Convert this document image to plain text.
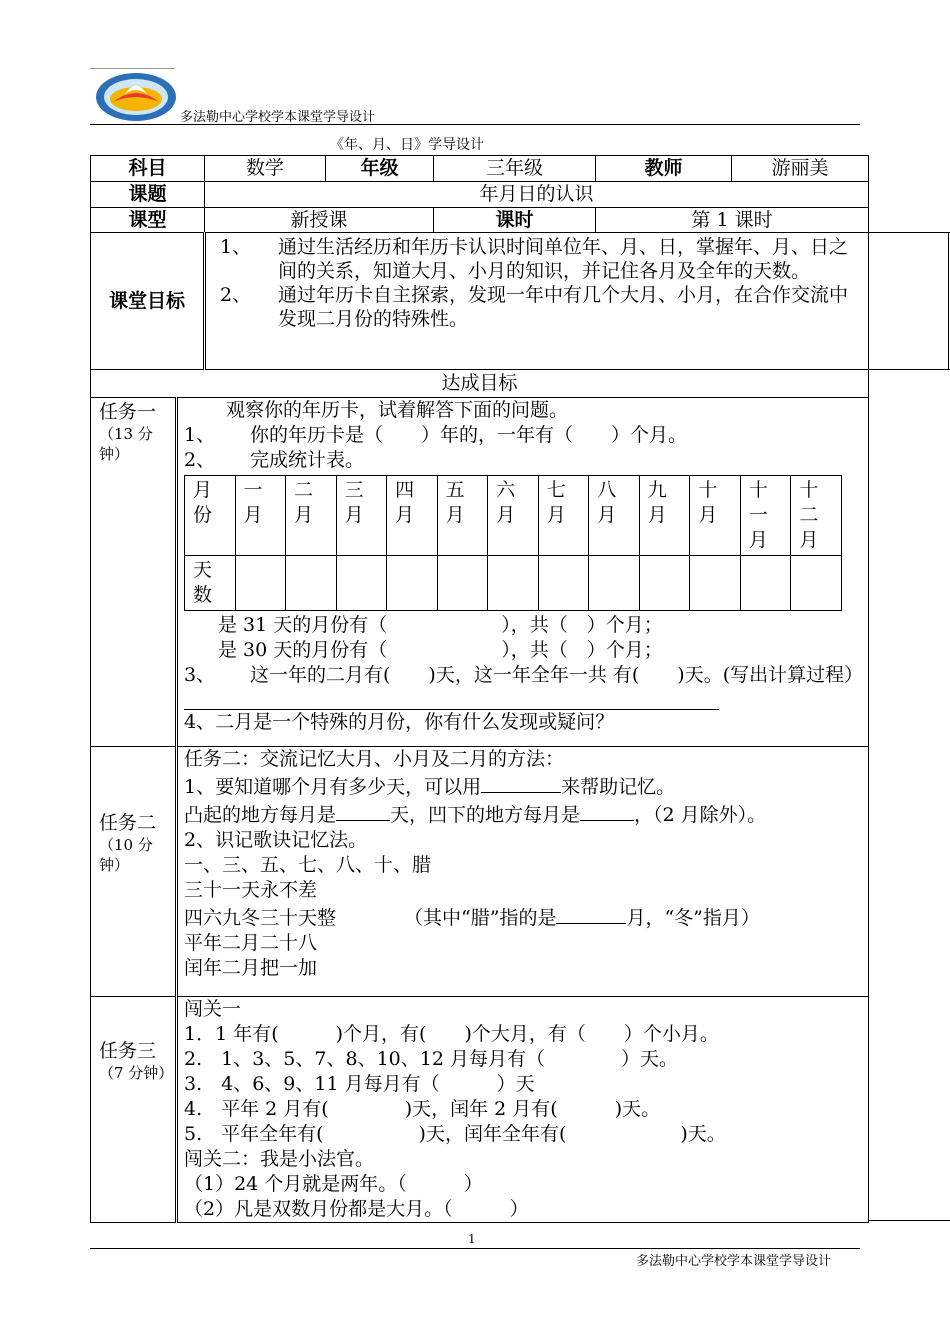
多法勒中心学校学本课堂学导设计
《年、月、日》学导设计
科目	数学	年级	三年级	教师	游丽美
课题	年月日的认识
课型	新授课	课时	第 1 课时
课堂目标	
1、	通过生活经历和年历卡认识时间单位年、月、日，掌握年、月、日之间的关系，知道大月、小月的知识，并记住各月及全年的天数。
2、	通过年历卡自主探索，发现一年中有几个大月、小月，在合作交流中发现二月份的特殊性。

达成目标
任务一
（13 分钟）

观察你的年历卡，试着解答下面的问题。
1、 你的年历卡是（　　）年的，一年有（　　）个月。
2、 完成统计表。
月份	一月	二月	三月	四月	五月	六月	七月	八月	九月	十月	十一月	十二月
天数												
是 31 天的月份有（　　　　　　），共（　）个月；
是 30 天的月份有（　　　　　　），共（　）个月；
3、	这一年的二月有(　　)天，这一年全年一共 有(　　)天。(写出计算过程）
4、二月是一个特殊的月份，你有什么发现或疑问？

任务二
（10 分钟）

任务二：交流记忆大月、小月及二月的方法：
1、要知道哪个月有多少天，可以用	来帮助记忆。
凸起的地方每月是	天，凹下的地方每月是	，（2 月除外）。
2、识记歌诀记忆法。
一、三、五、七、八、十、腊
三十一天永不差
四六九冬三十天整	（其中“腊”指的是	月，“冬”指月）
平年二月二十八
闰年二月把一加

任务三
（7 分钟）

闯关一
1．1 年有(　　　)个月，有(　　)个大月，有（　　）个小月。
2.　1、3、5、7、8、10、12 月每月有（　　　　）天。
3.　4、6、9、11 月每月有（　　　）天
4.　平年 2 月有(　　　　)天，闰年 2 月有(　　　)天。
5.　平年全年有(　　　　　)天，闰年全年有(　　　　　　)天。
闯关二：我是小法官。
（1）24 个月就是两年。（　　　）
（2）凡是双数月份都是大月。（　　　）
1
多法勒中心学校学本课堂学导设计
